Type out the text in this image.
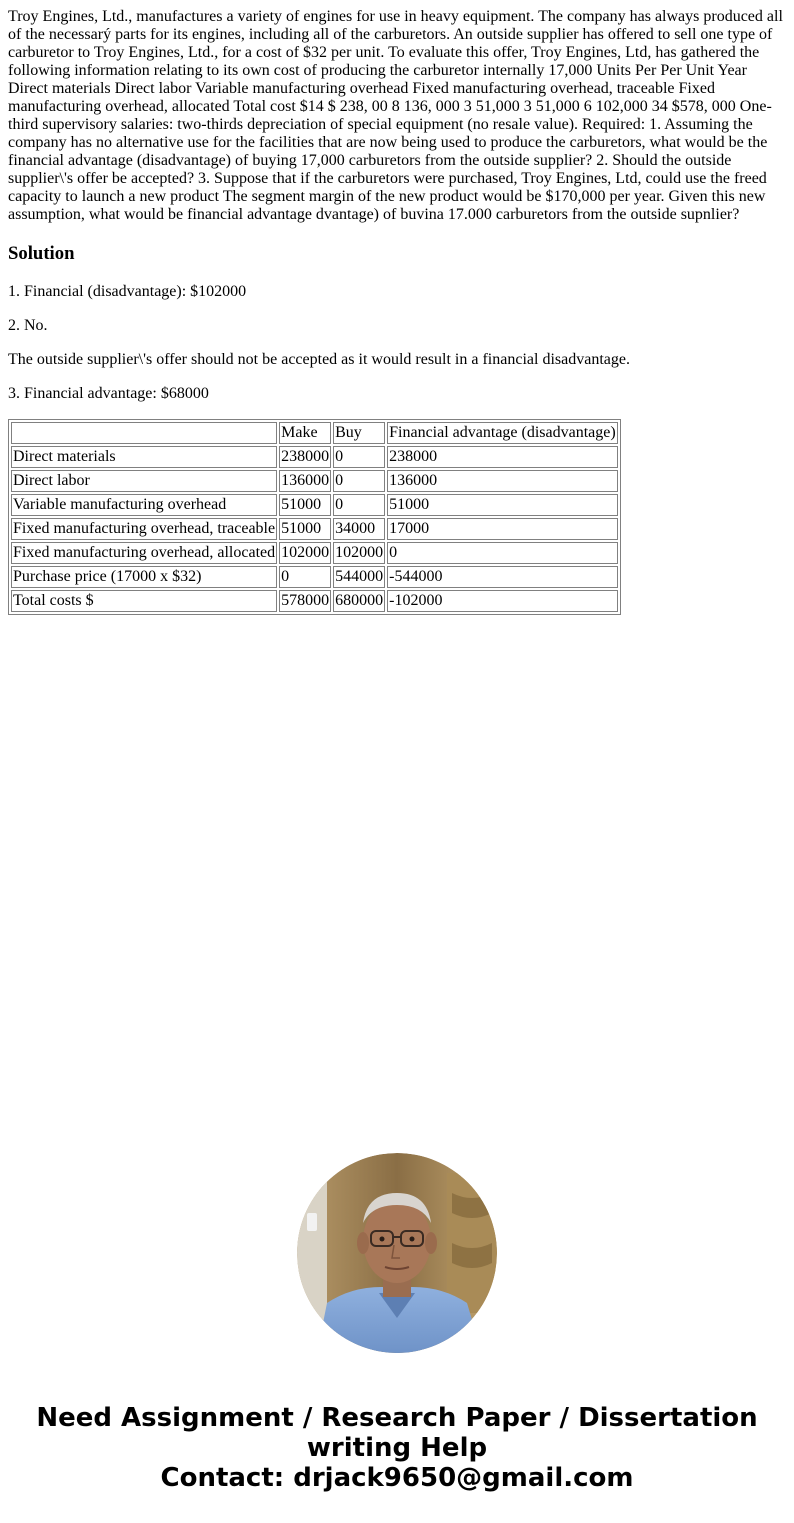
Troy Engines, Ltd., manufactures a variety of engines for use in heavy equipment. The company has always produced all of the necessarý parts for its engines, including all of the carburetors. An outside supplier has offered to sell one type of carburetor to Troy Engines, Ltd., for a cost of $32 per unit. To evaluate this offer, Troy Engines, Ltd, has gathered the following information relating to its own cost of producing the carburetor internally 17,000 Units Per Per Unit Year Direct materials Direct labor Variable manufacturing overhead Fixed manufacturing overhead, traceable Fixed manufacturing overhead, allocated Total cost $14 $ 238, 00 8 136, 000 3 51,000 3 51,000 6 102,000 34 $578, 000 One-third supervisory salaries: two-thirds depreciation of special equipment (no resale value). Required: 1. Assuming the company has no alternative use for the facilities that are now being used to produce the carburetors, what would be the financial advantage (disadvantage) of buying 17,000 carburetors from the outside supplier? 2. Should the outside supplier\'s offer be accepted? 3. Suppose that if the carburetors were purchased, Troy Engines, Ltd, could use the freed capacity to launch a new product The segment margin of the new product would be $170,000 per year. Given this new assumption, what would be financial advantage dvantage) of buvina 17.000 carburetors from the outside supnlier?

Solution

1. Financial (disadvantage): $102000

2. No.

The outside supplier\'s offer should not be accepted as it would result in a financial disadvantage.

3. Financial advantage: $68000

	Make	Buy	Financial advantage (disadvantage)
Direct materials	238000	0	238000
Direct labor	136000	0	136000
Variable manufacturing overhead	51000	0	51000
Fixed manufacturing overhead, traceable	51000	34000	17000
Fixed manufacturing overhead, allocated	102000	102000	0
Purchase price (17000 x $32)	0	544000	-544000
Total costs $	578000	680000	-102000
Need Assignment / Research Paper / Dissertation
writing Help
Contact: drjack9650@gmail.com
